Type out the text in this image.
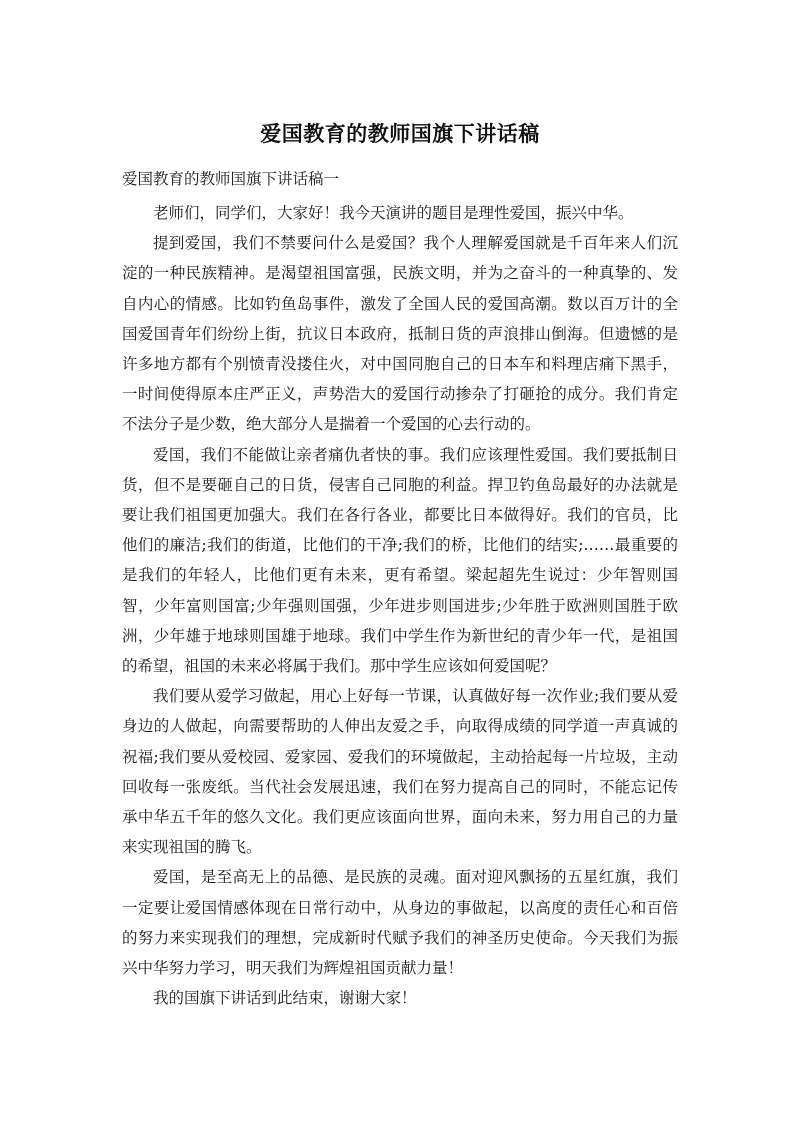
爱国教育的教师国旗下讲话稿

爱国教育的教师国旗下讲话稿一

老师们，同学们，大家好！我今天演讲的题目是理性爱国，振兴中华。

提到爱国，我们不禁要问什么是爱国？我个人理解爱国就是千百年来人们沉淀的一种民族精神。是渴望祖国富强，民族文明，并为之奋斗的一种真挚的、发自内心的情感。比如钓鱼岛事件，激发了全国人民的爱国高潮。数以百万计的全国爱国青年们纷纷上街，抗议日本政府，抵制日货的声浪排山倒海。但遗憾的是许多地方都有个别愤青没搂住火，对中国同胞自己的日本车和料理店痛下黑手，一时间使得原本庄严正义，声势浩大的爱国行动掺杂了打砸抢的成分。我们肯定不法分子是少数，绝大部分人是揣着一个爱国的心去行动的。

爱国，我们不能做让亲者痛仇者快的事。我们应该理性爱国。我们要抵制日货，但不是要砸自己的日货，侵害自己同胞的利益。捍卫钓鱼岛最好的办法就是要让我们祖国更加强大。我们在各行各业，都要比日本做得好。我们的官员，比他们的廉洁;我们的街道，比他们的干净;我们的桥，比他们的结实;……最重要的是我们的年轻人，比他们更有未来，更有希望。梁起超先生说过：少年智则国智，少年富则国富;少年强则国强，少年进步则国进步;少年胜于欧洲则国胜于欧洲，少年雄于地球则国雄于地球。我们中学生作为新世纪的青少年一代，是祖国的希望，祖国的未来必将属于我们。那中学生应该如何爱国呢？

我们要从爱学习做起，用心上好每一节课，认真做好每一次作业;我们要从爱身边的人做起，向需要帮助的人伸出友爱之手，向取得成绩的同学道一声真诚的祝福;我们要从爱校园、爱家园、爱我们的环境做起，主动拾起每一片垃圾，主动回收每一张废纸。当代社会发展迅速，我们在努力提高自己的同时，不能忘记传承中华五千年的悠久文化。我们更应该面向世界，面向未来，努力用自己的力量来实现祖国的腾飞。

爱国，是至高无上的品德、是民族的灵魂。面对迎风飘扬的五星红旗，我们一定要让爱国情感体现在日常行动中，从身边的事做起，以高度的责任心和百倍的努力来实现我们的理想，完成新时代赋予我们的神圣历史使命。今天我们为振兴中华努力学习，明天我们为辉煌祖国贡献力量！

我的国旗下讲话到此结束，谢谢大家！
